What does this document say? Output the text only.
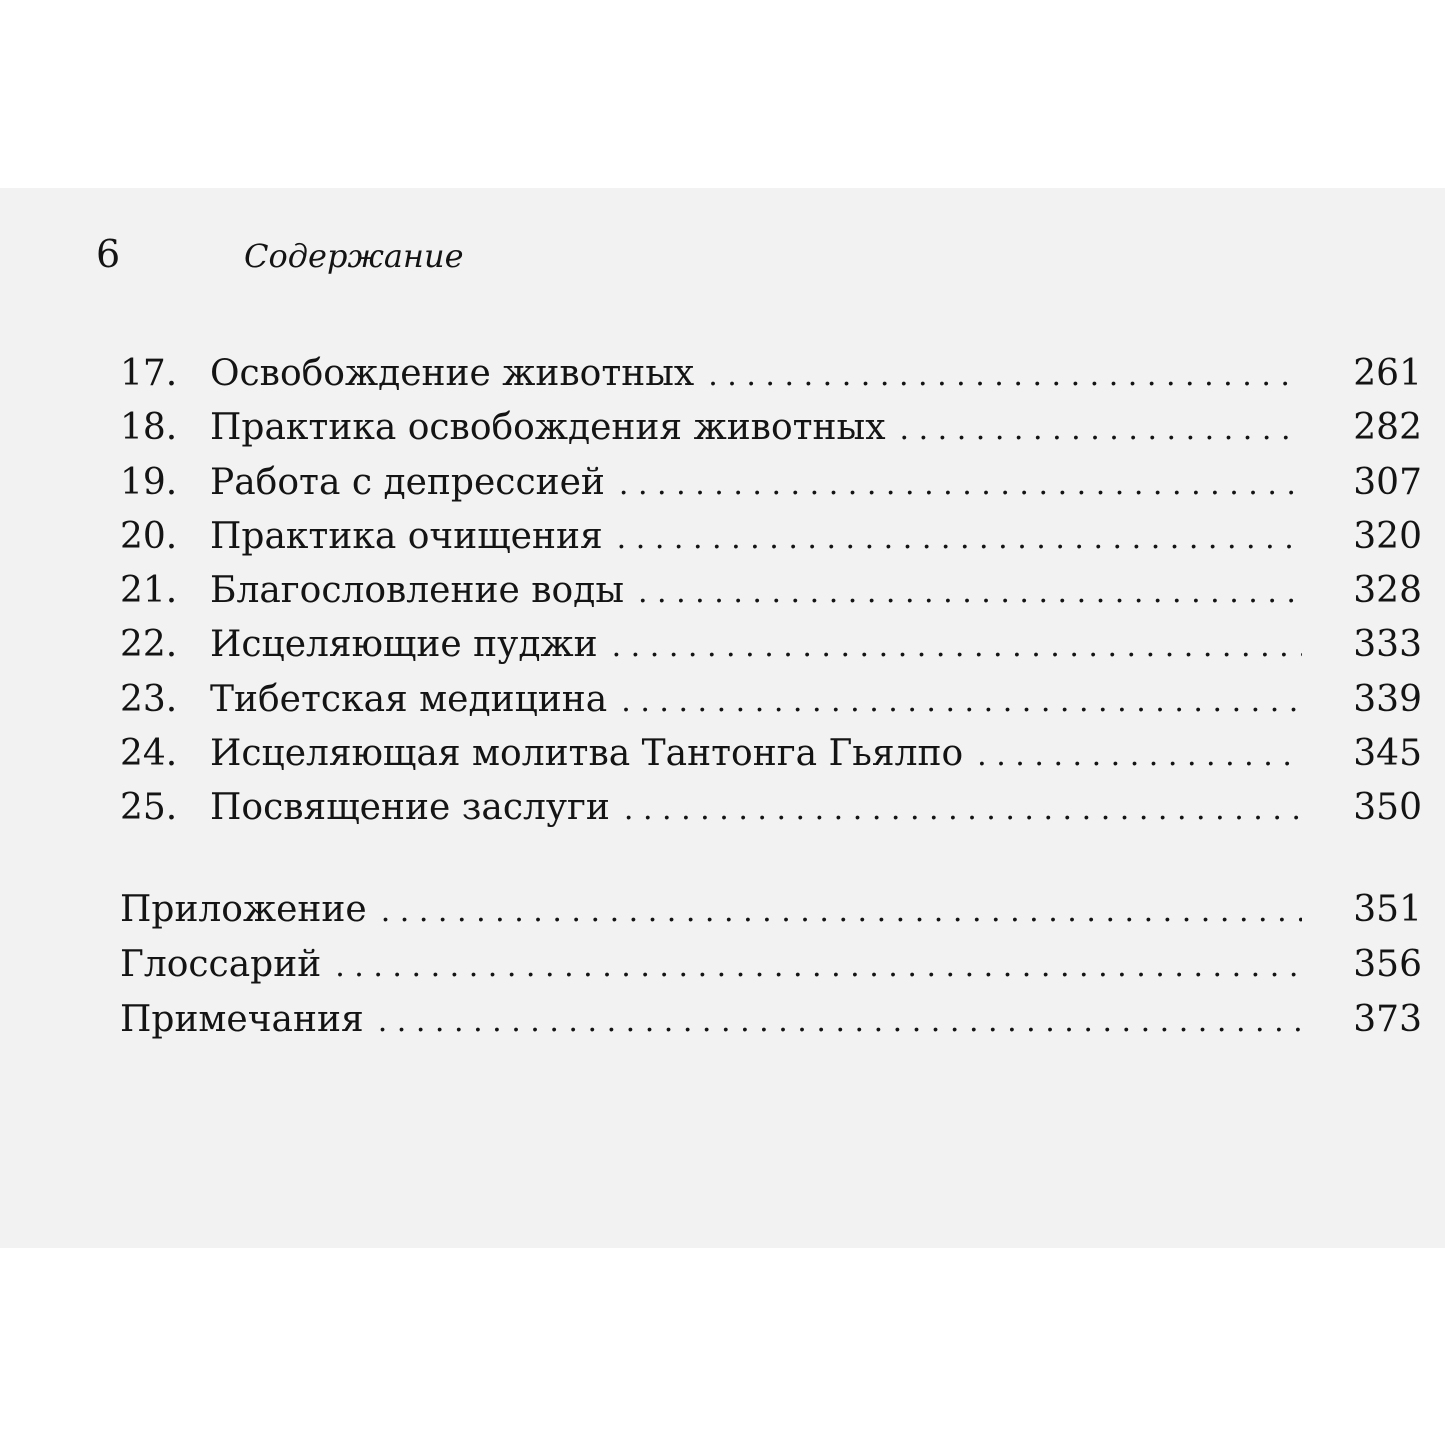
6	Содержание
17. Освобождение животных . . .	261
18. Практика освобождения животных . . .	282
19. Работа с депрессией . . .	307
20. Практика очищения . . .	320
21. Благословление воды . . .	328
22. Исцеляющие пуджи . . .	333
23. Тибетская медицина . . .	339
24. Исцеляющая молитва Тантонга Гьялпо . . .	345
25. Посвящение заслуги . . .	350
Приложение . . .	351
Глоссарий . . .	356
Примечания . . .	373
